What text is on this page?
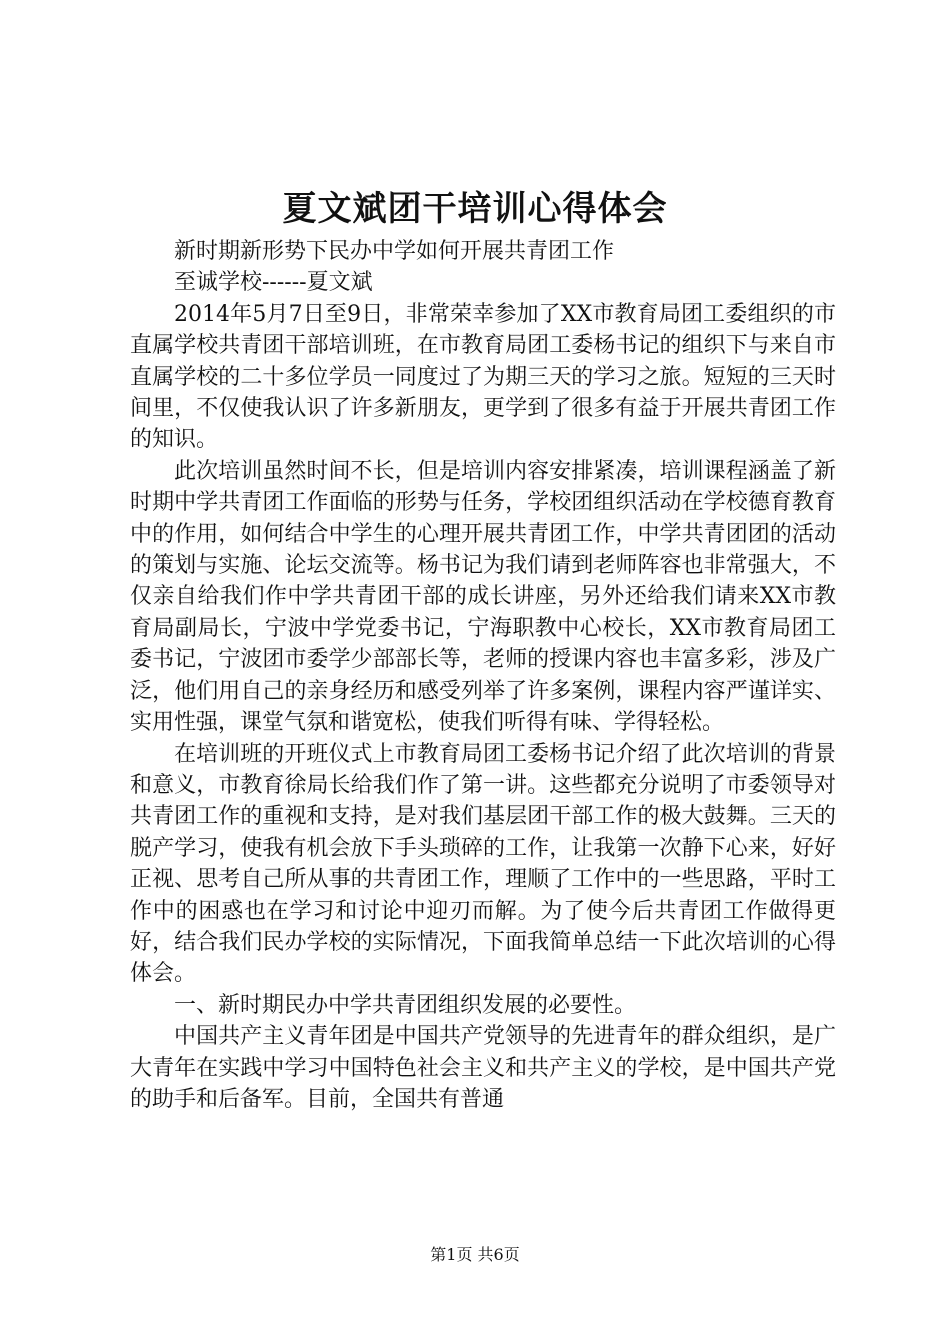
夏文斌团干培训心得体会

新时期新形势下民办中学如何开展共青团工作

至诚学校------夏文斌

2014年5月7日至9日，非常荣幸参加了XX市教育局团工委组织的市直属学校共青团干部培训班，在市教育局团工委杨书记的组织下与来自市直属学校的二十多位学员一同度过了为期三天的学习之旅。短短的三天时间里，不仅使我认识了许多新朋友，更学到了很多有益于开展共青团工作的知识。

此次培训虽然时间不长，但是培训内容安排紧凑，培训课程涵盖了新时期中学共青团工作面临的形势与任务，学校团组织活动在学校德育教育中的作用，如何结合中学生的心理开展共青团工作，中学共青团团的活动的策划与实施、论坛交流等。杨书记为我们请到老师阵容也非常强大，不仅亲自给我们作中学共青团干部的成长讲座，另外还给我们请来XX市教育局副局长，宁波中学党委书记，宁海职教中心校长，XX市教育局团工委书记，宁波团市委学少部部长等，老师的授课内容也丰富多彩，涉及广泛，他们用自己的亲身经历和感受列举了许多案例，课程内容严谨详实、实用性强，课堂气氛和谐宽松，使我们听得有味、学得轻松。

在培训班的开班仪式上市教育局团工委杨书记介绍了此次培训的背景和意义，市教育徐局长给我们作了第一讲。这些都充分说明了市委领导对共青团工作的重视和支持，是对我们基层团干部工作的极大鼓舞。三天的脱产学习，使我有机会放下手头琐碎的工作，让我第一次静下心来，好好正视、思考自己所从事的共青团工作，理顺了工作中的一些思路，平时工作中的困惑也在学习和讨论中迎刃而解。为了使今后共青团工作做得更好，结合我们民办学校的实际情况，下面我简单总结一下此次培训的心得体会。

一、新时期民办中学共青团组织发展的必要性。

中国共产主义青年团是中国共产党领导的先进青年的群众组织，是广大青年在实践中学习中国特色社会主义和共产主义的学校，是中国共产党的助手和后备军。目前，全国共有普通

第1页 共6页
